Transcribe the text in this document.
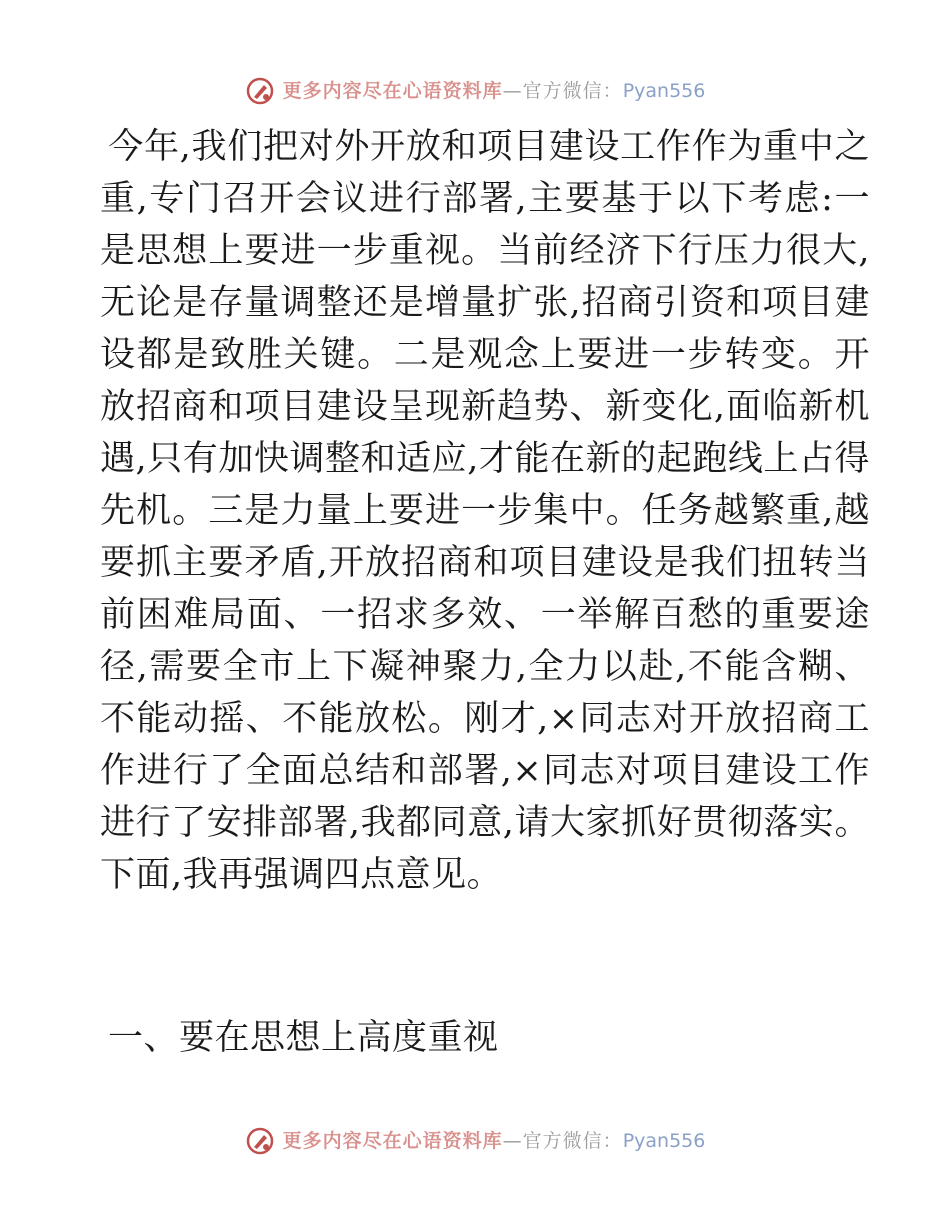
更多内容尽在心语资料库—官方微信：Pyan556

今年,我们把对外开放和项目建设工作作为重中之重,专门召开会议进行部署,主要基于以下考虑:一是思想上要进一步重视。当前经济下行压力很大,无论是存量调整还是增量扩张,招商引资和项目建设都是致胜关键。二是观念上要进一步转变。开放招商和项目建设呈现新趋势、新变化,面临新机遇,只有加快调整和适应,才能在新的起跑线上占得先机。三是力量上要进一步集中。任务越繁重,越要抓主要矛盾,开放招商和项目建设是我们扭转当前困难局面、一招求多效、一举解百愁的重要途径,需要全市上下凝神聚力,全力以赴,不能含糊、不能动摇、不能放松。刚才,×同志对开放招商工作进行了全面总结和部署,×同志对项目建设工作进行了安排部署,我都同意,请大家抓好贯彻落实。下面,我再强调四点意见。

一、要在思想上高度重视
更多内容尽在心语资料库—官方微信：Pyan556
